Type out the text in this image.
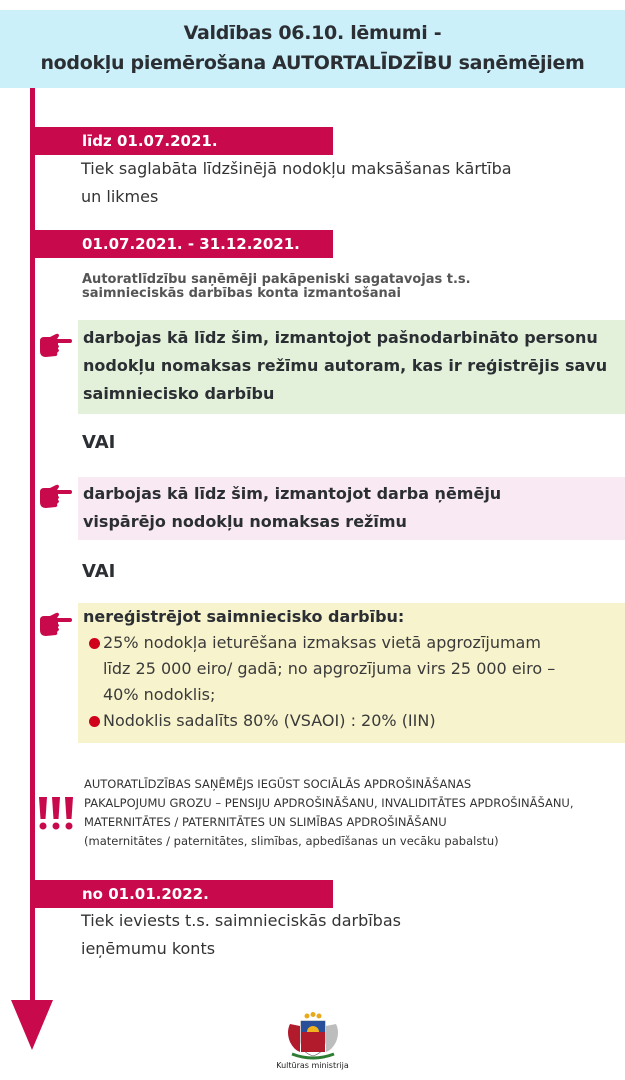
Valdības 06.10. lēmumi -
nodokļu piemērošana AUTORTALĪDZĪBU saņēmējiem
līdz 01.07.2021.
Tiek saglabāta līdzšinējā nodokļu maksāšanas kārtība
un likmes
01.07.2021. - 31.12.2021.
Autoratlīdzību saņēmēji pakāpeniski sagatavojas t.s.
saimnieciskās darbības konta izmantošanai
darbojas kā līdz šim, izmantojot pašnodarbināto personu
nodokļu nomaksas režīmu autoram, kas ir reģistrējis savu
saimniecisko darbību
VAI
darbojas kā līdz šim, izmantojot darba ņēmēju
vispārējo nodokļu nomaksas režīmu
VAI
nereģistrējot saimniecisko darbību:
25% nodokļa ieturēšana izmaksas vietā apgrozījumam
līdz 25 000 eiro/ gadā; no apgrozījuma virs 25 000 eiro –
40% nodoklis;
Nodoklis sadalīts 80% (VSAOI) : 20% (IIN)
AUTORATLĪDZĪBAS SAŅĒMĒJS IEGŪST SOCIĀLĀS APDROŠINĀŠANAS
PAKALPOJUMU GROZU – PENSIJU APDROŠINĀŠANU, INVALIDITĀTES APDROŠINĀŠANU,
MATERNITĀTES / PATERNITĀTES UN SLIMĪBAS APDROŠINĀŠANU
(maternitātes / paternitātes, slimības, apbedīšanas un vecāku pabalstu)
no 01.01.2022.
Tiek ieviests t.s. saimnieciskās darbības
ieņēmumu konts
Kultūras ministrija
